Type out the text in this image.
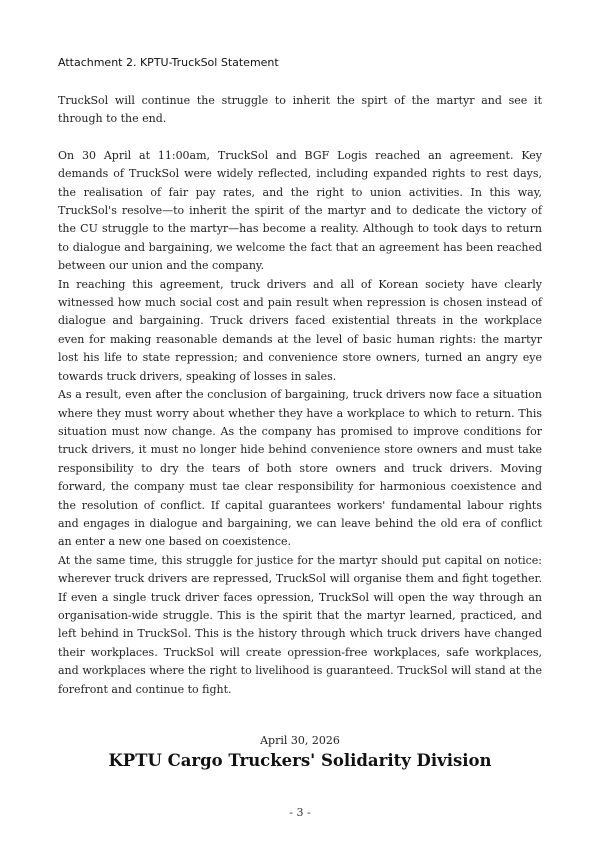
Attachment 2. KPTU-TruckSol Statement

TruckSol will continue the struggle to inherit the spirt of the martyr and see it through to the end.

On 30 April at 11:00am, TruckSol and BGF Logis reached an agreement. Key demands of TruckSol were widely reflected, including expanded rights to rest days, the realisation of fair pay rates, and the right to union activities. In this way, TruckSol's resolve—to inherit the spirit of the martyr and to dedicate the victory of the CU struggle to the martyr—has become a reality. Although to took days to return to dialogue and bargaining, we welcome the fact that an agreement has been reached between our union and the company.

In reaching this agreement, truck drivers and all of Korean society have clearly witnessed how much social cost and pain result when repression is chosen instead of dialogue and bargaining. Truck drivers faced existential threats in the workplace even for making reasonable demands at the level of basic human rights: the martyr lost his life to state repression; and convenience store owners, turned an angry eye towards truck drivers, speaking of losses in sales.

As a result, even after the conclusion of bargaining, truck drivers now face a situation where they must worry about whether they have a workplace to which to return. This situation must now change. As the company has promised to improve conditions for truck drivers, it must no longer hide behind convenience store owners and must take responsibility to dry the tears of both store owners and truck drivers. Moving forward, the company must tae clear responsibility for harmonious coexistence and the resolution of conflict. If capital guarantees workers' fundamental labour rights and engages in dialogue and bargaining, we can leave behind the old era of conflict an enter a new one based on coexistence.

At the same time, this struggle for justice for the martyr should put capital on notice: wherever truck drivers are repressed, TruckSol will organise them and fight together. If even a single truck driver faces opression, TruckSol will open the way through an organisation-wide struggle. This is the spirit that the martyr learned, practiced, and left behind in TruckSol. This is the history through which truck drivers have changed their workplaces. TruckSol will create opression-free workplaces, safe workplaces, and workplaces where the right to livelihood is guaranteed. TruckSol will stand at the forefront and continue to fight.

April 30, 2026
KPTU Cargo Truckers' Solidarity Division
- 3 -
